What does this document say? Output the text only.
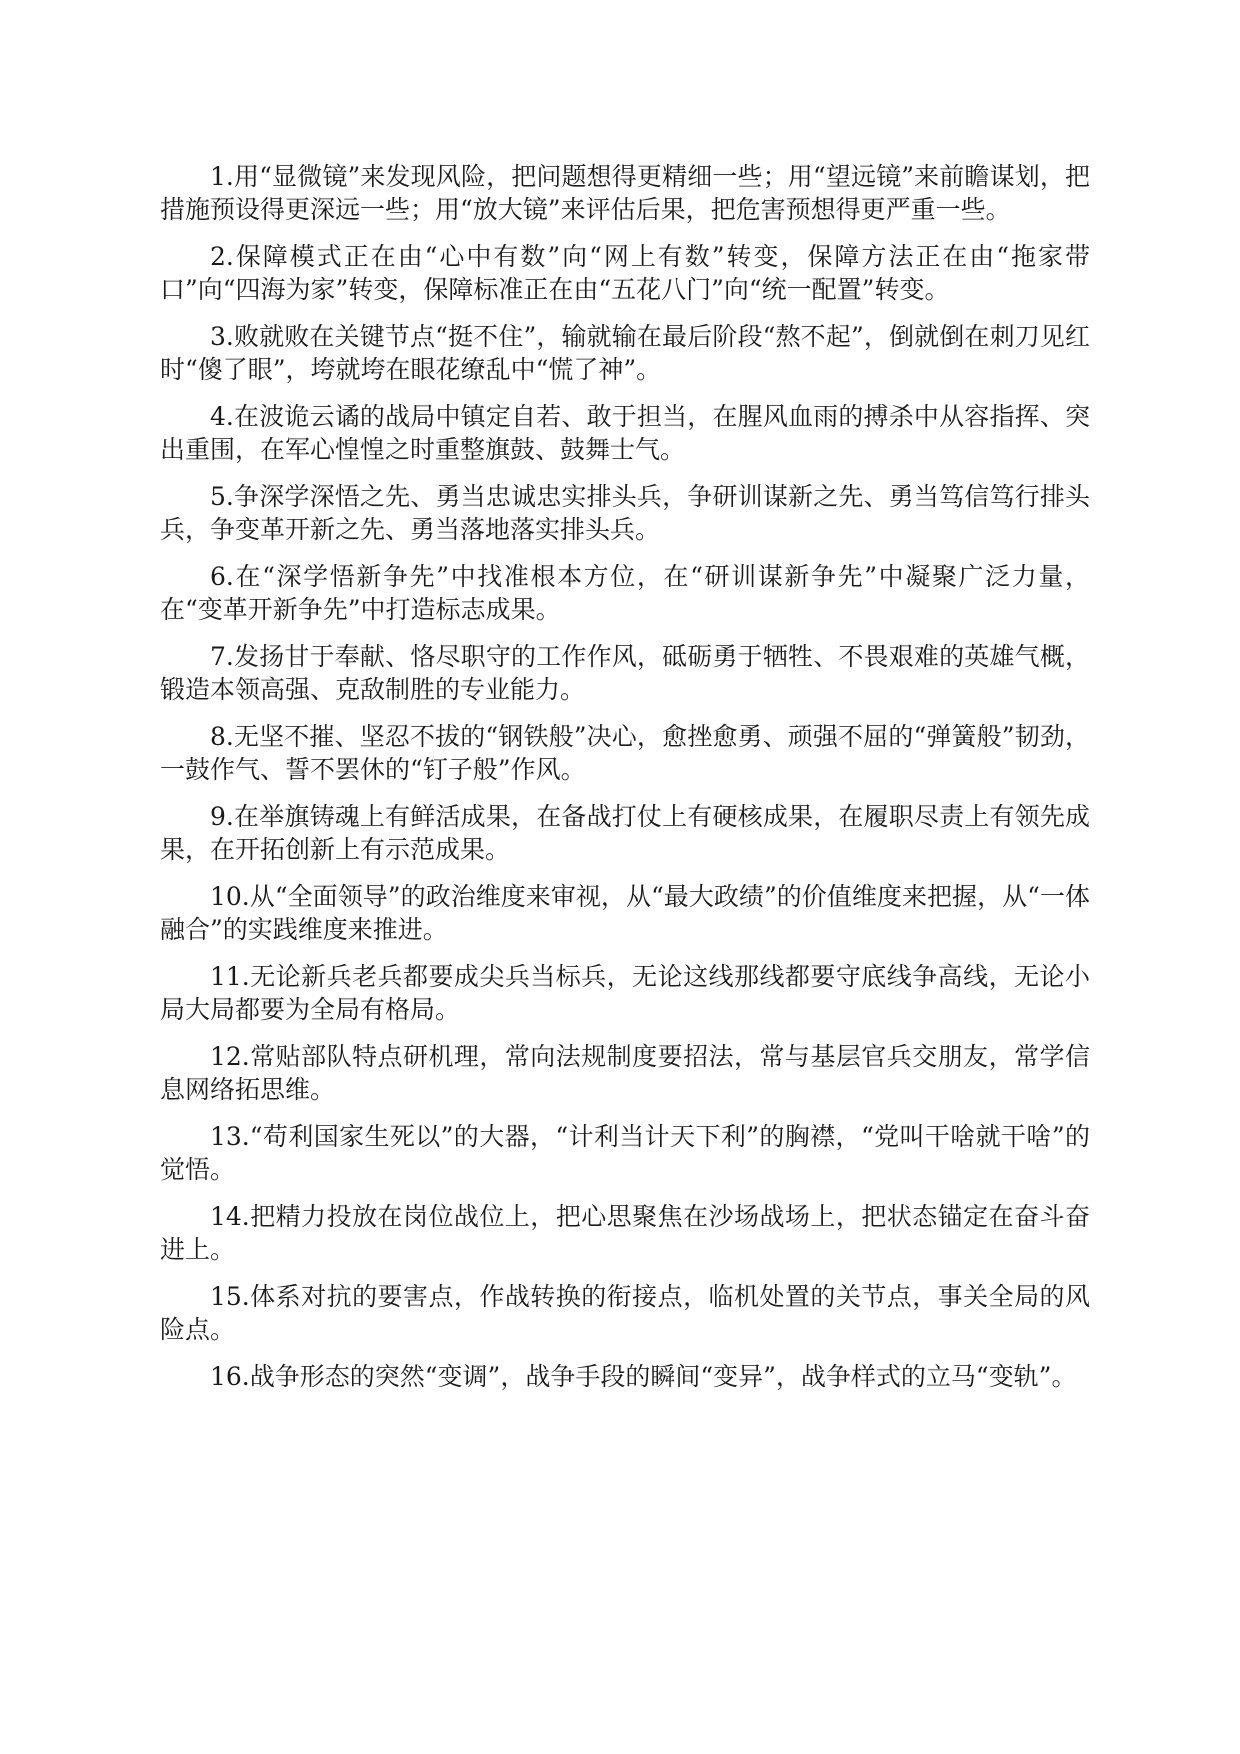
1.用“显微镜”来发现风险，把问题想得更精细一些；用“望远镜”来前瞻谋划，把措施预设得更深远一些；用“放大镜”来评估后果，把危害预想得更严重一些。

2.保障模式正在由“心中有数”向“网上有数”转变，保障方法正在由“拖家带口”向“四海为家”转变，保障标准正在由“五花八门”向“统一配置”转变。

3.败就败在关键节点“挺不住”，输就输在最后阶段“熬不起”，倒就倒在刺刀见红时“傻了眼”，垮就垮在眼花缭乱中“慌了神”。

4.在波诡云谲的战局中镇定自若、敢于担当，在腥风血雨的搏杀中从容指挥、突出重围，在军心惶惶之时重整旗鼓、鼓舞士气。

5.争深学深悟之先、勇当忠诚忠实排头兵，争研训谋新之先、勇当笃信笃行排头兵，争变革开新之先、勇当落地落实排头兵。

6.在“深学悟新争先”中找准根本方位，在“研训谋新争先”中凝聚广泛力量，在“变革开新争先”中打造标志成果。

7.发扬甘于奉献、恪尽职守的工作作风，砥砺勇于牺牲、不畏艰难的英雄气概，锻造本领高强、克敌制胜的专业能力。

8.无坚不摧、坚忍不拔的“钢铁般”决心，愈挫愈勇、顽强不屈的“弹簧般”韧劲，一鼓作气、誓不罢休的“钉子般”作风。

9.在举旗铸魂上有鲜活成果，在备战打仗上有硬核成果，在履职尽责上有领先成果，在开拓创新上有示范成果。

10.从“全面领导”的政治维度来审视，从“最大政绩”的价值维度来把握，从“一体融合”的实践维度来推进。

11.无论新兵老兵都要成尖兵当标兵，无论这线那线都要守底线争高线，无论小局大局都要为全局有格局。

12.常贴部队特点研机理，常向法规制度要招法，常与基层官兵交朋友，常学信息网络拓思维。

13.“苟利国家生死以”的大器，“计利当计天下利”的胸襟，“党叫干啥就干啥”的觉悟。

14.把精力投放在岗位战位上，把心思聚焦在沙场战场上，把状态锚定在奋斗奋进上。

15.体系对抗的要害点，作战转换的衔接点，临机处置的关节点，事关全局的风险点。

16.战争形态的突然“变调”，战争手段的瞬间“变异”，战争样式的立马“变轨”。
